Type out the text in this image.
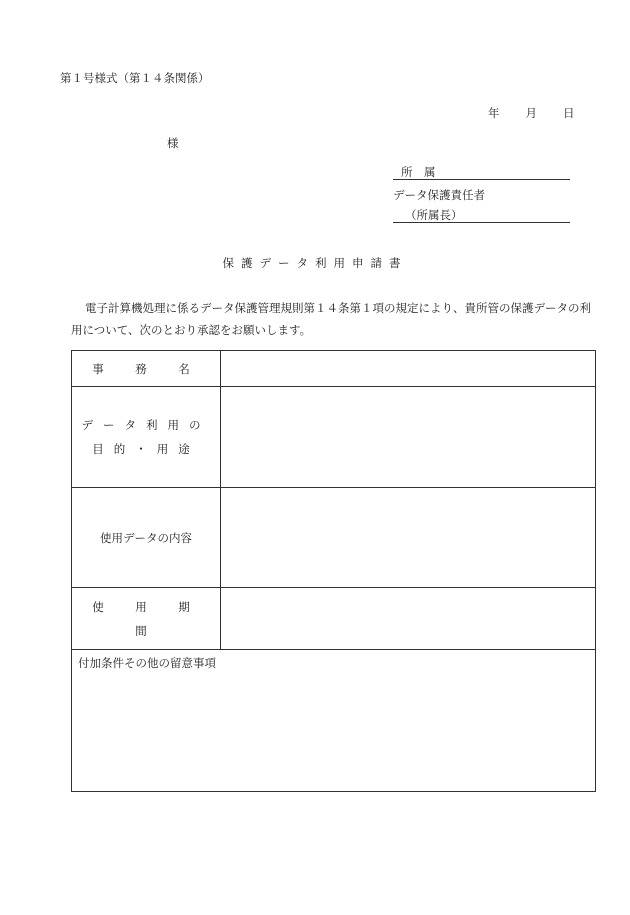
第１号様式（第１４条関係）
年 月 日
様
所　属
データ保護責任者
（所属長）
保護データ利用申請書
電子計算機処理に係るデータ保護管理規則第１４条第１項の規定により、貴所管の保護データの利用について、次のとおり承認をお願いします。
事　務　名	

データ利用の
目的・用途	

使用データの内容	
使　用　期　間	
付加条件その他の留意事項	
